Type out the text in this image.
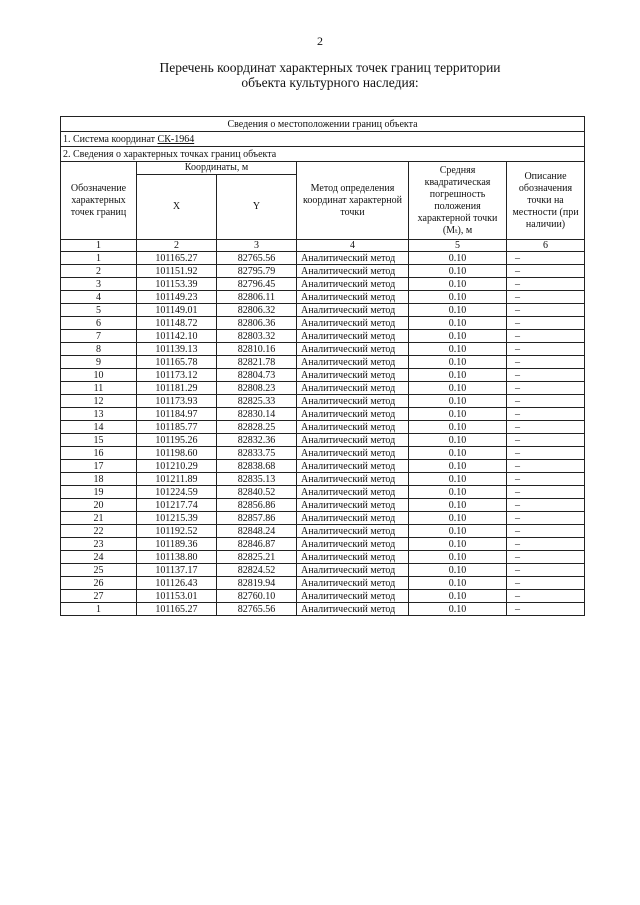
2
Перечень координат характерных точек границ территории
объекта культурного наследия:
Сведения о местоположении границ объекта					
1. Система координат СК-1964					
2. Сведения о характерных точках границ объекта					
Обозначение характерных точек границ	Координаты, м		Метод определения координат характерной точки	Средняя квадратическая погрешность положения характерной точки (Mₜ), м	Описание обозначения точки на местности (при наличии)
	X	Y			
1	2	3	4	5	6
1	101165.27	82765.56	Аналитический метод	0.10	–
2	101151.92	82795.79	Аналитический метод	0.10	–
3	101153.39	82796.45	Аналитический метод	0.10	–
4	101149.23	82806.11	Аналитический метод	0.10	–
5	101149.01	82806.32	Аналитический метод	0.10	–
6	101148.72	82806.36	Аналитический метод	0.10	–
7	101142.10	82803.32	Аналитический метод	0.10	–
8	101139.13	82810.16	Аналитический метод	0.10	–
9	101165.78	82821.78	Аналитический метод	0.10	–
10	101173.12	82804.73	Аналитический метод	0.10	–
11	101181.29	82808.23	Аналитический метод	0.10	–
12	101173.93	82825.33	Аналитический метод	0.10	–
13	101184.97	82830.14	Аналитический метод	0.10	–
14	101185.77	82828.25	Аналитический метод	0.10	–
15	101195.26	82832.36	Аналитический метод	0.10	–
16	101198.60	82833.75	Аналитический метод	0.10	–
17	101210.29	82838.68	Аналитический метод	0.10	–
18	101211.89	82835.13	Аналитический метод	0.10	–
19	101224.59	82840.52	Аналитический метод	0.10	–
20	101217.74	82856.86	Аналитический метод	0.10	–
21	101215.39	82857.86	Аналитический метод	0.10	–
22	101192.52	82848.24	Аналитический метод	0.10	–
23	101189.36	82846.87	Аналитический метод	0.10	–
24	101138.80	82825.21	Аналитический метод	0.10	–
25	101137.17	82824.52	Аналитический метод	0.10	–
26	101126.43	82819.94	Аналитический метод	0.10	–
27	101153.01	82760.10	Аналитический метод	0.10	–
1	101165.27	82765.56	Аналитический метод	0.10	–
